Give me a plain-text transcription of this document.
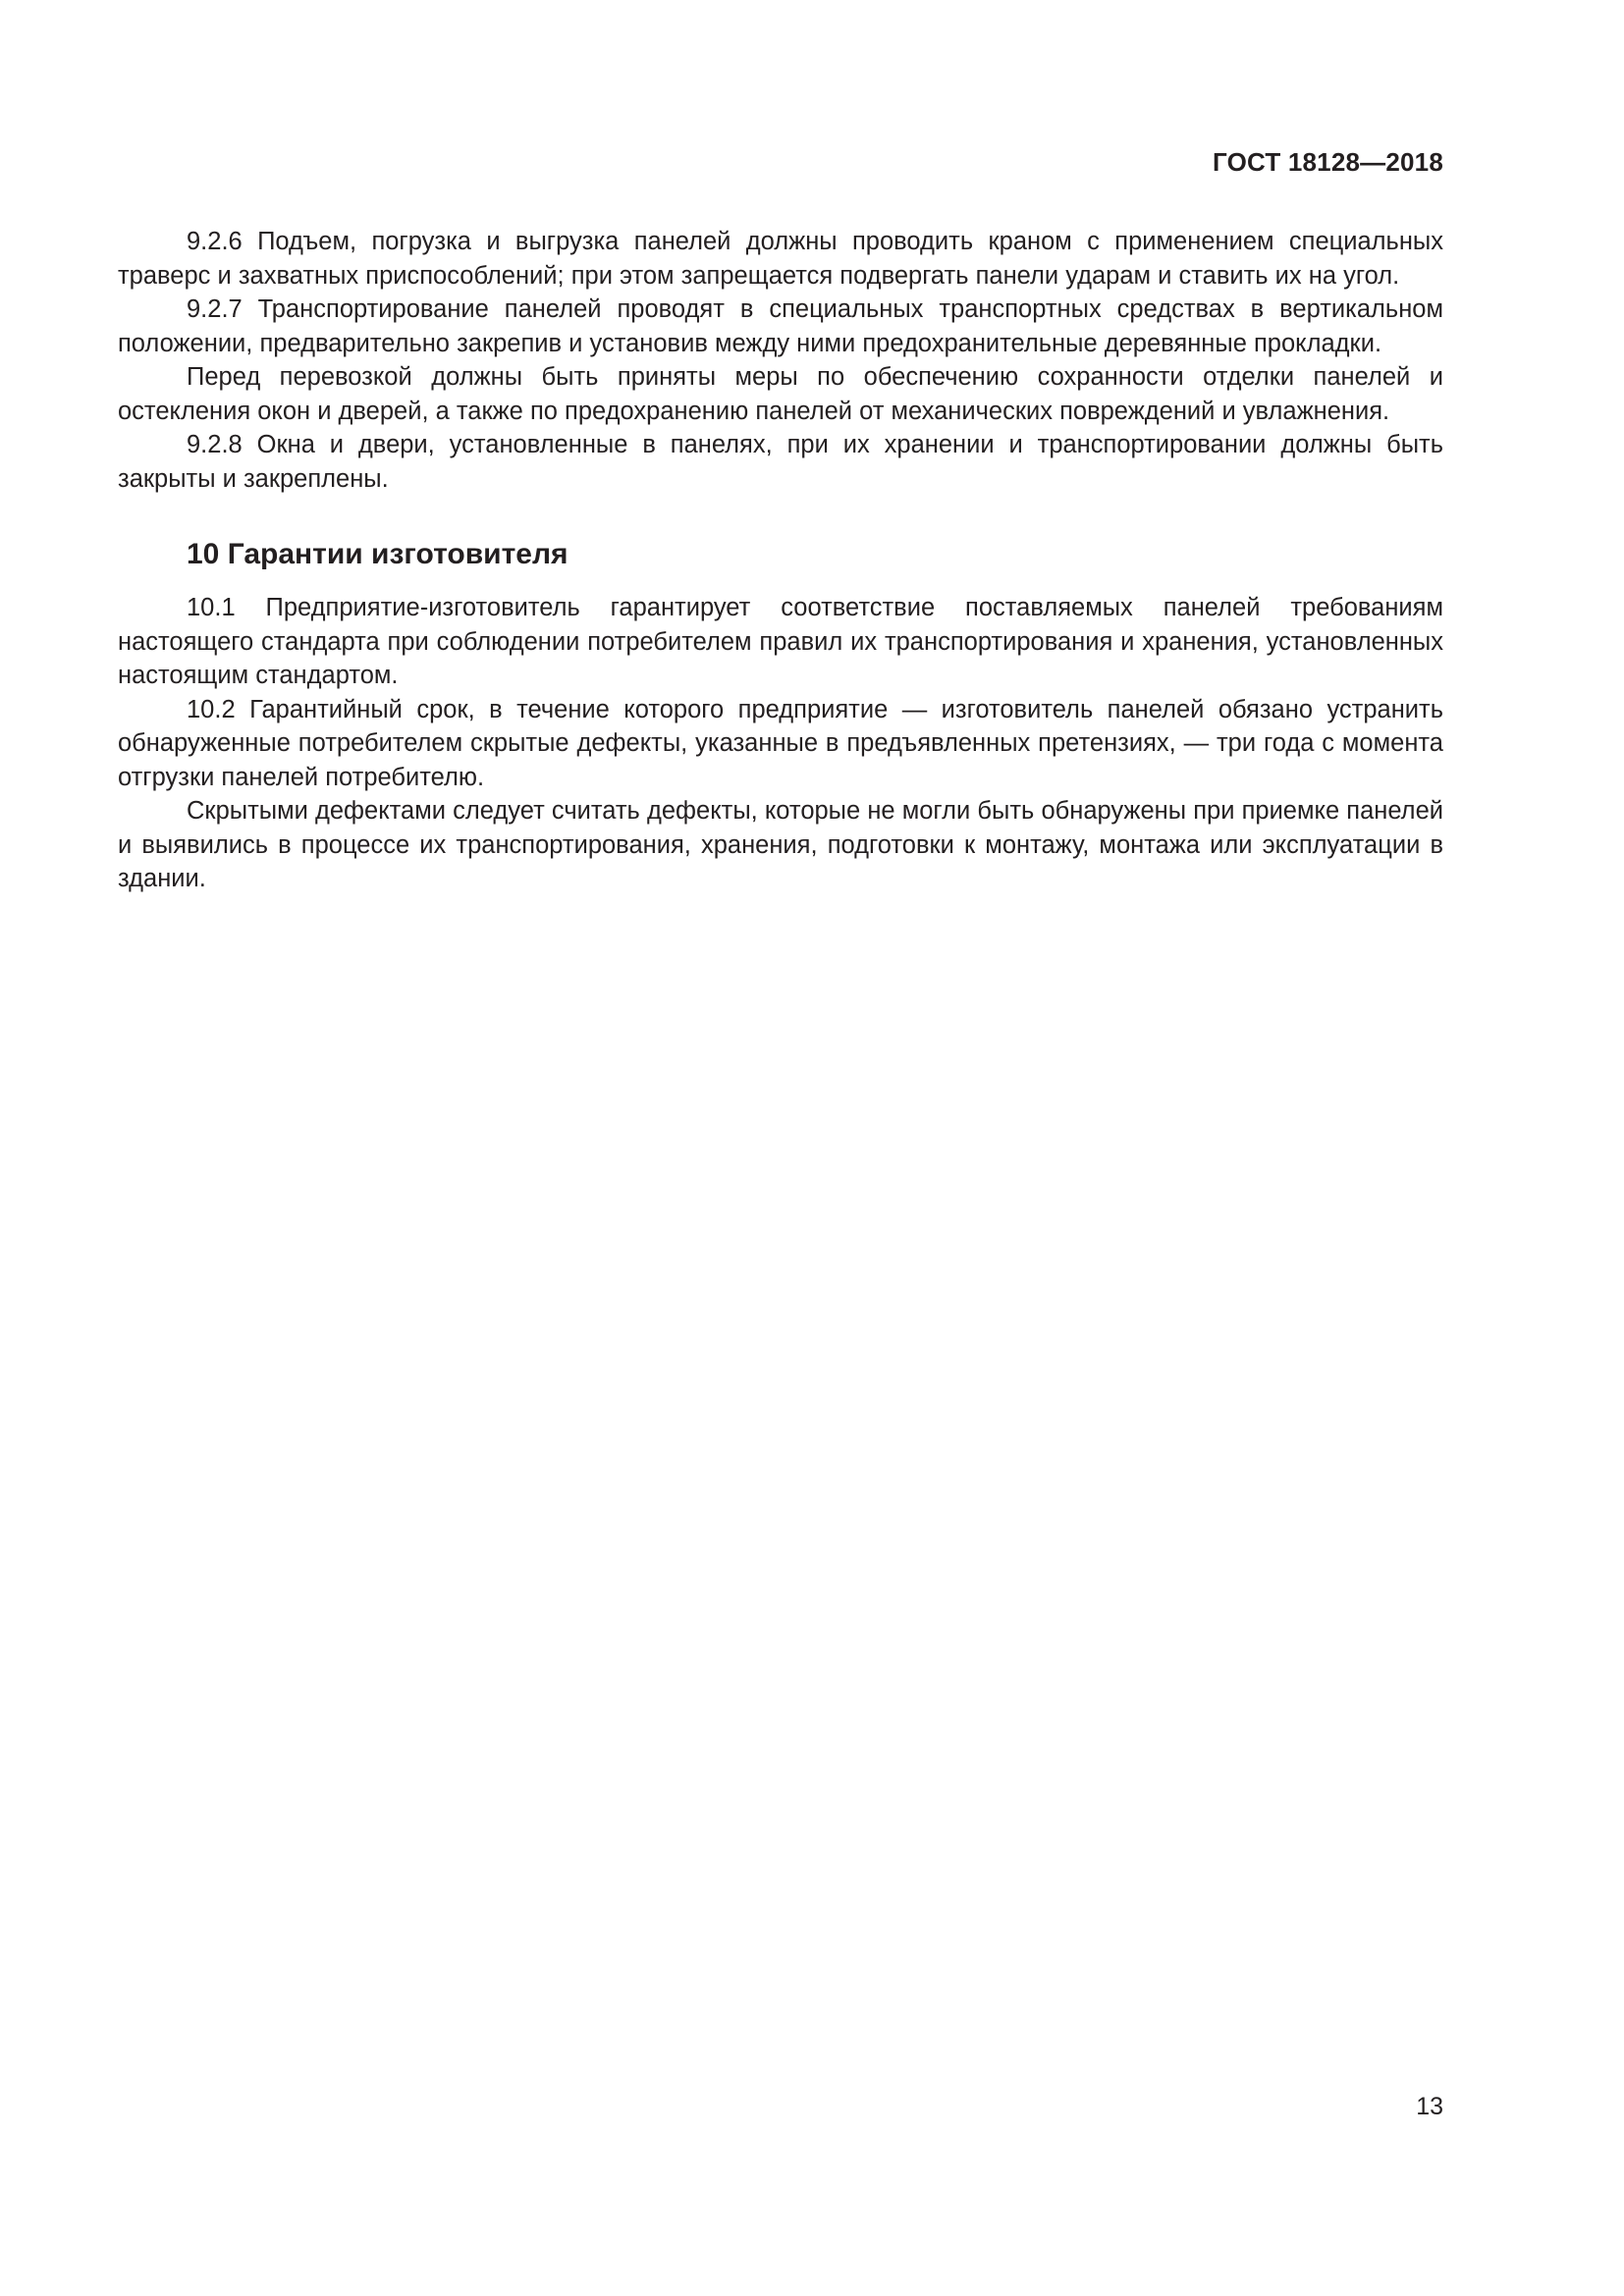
ГОСТ 18128—2018

9.2.6 Подъем, погрузка и выгрузка панелей должны проводить краном с применением специальных траверс и захватных приспособлений; при этом запрещается подвергать панели ударам и ставить их на угол.

9.2.7 Транспортирование панелей проводят в специальных транспортных средствах в вертикальном положении, предварительно закрепив и установив между ними предохранительные деревянные прокладки.

Перед перевозкой должны быть приняты меры по обеспечению сохранности отделки панелей и остекления окон и дверей, а также по предохранению панелей от механических повреждений и увлажнения.

9.2.8 Окна и двери, установленные в панелях, при их хранении и транспортировании должны быть закрыты и закреплены.

10 Гарантии изготовителя

10.1 Предприятие-изготовитель гарантирует соответствие поставляемых панелей требованиям настоящего стандарта при соблюдении потребителем правил их транспортирования и хранения, установленных настоящим стандартом.

10.2 Гарантийный срок, в течение которого предприятие — изготовитель панелей обязано устранить обнаруженные потребителем скрытые дефекты, указанные в предъявленных претензиях, — три года с момента отгрузки панелей потребителю.

Скрытыми дефектами следует считать дефекты, которые не могли быть обнаружены при приемке панелей и выявились в процессе их транспортирования, хранения, подготовки к монтажу, монтажа или эксплуатации в здании.

13
